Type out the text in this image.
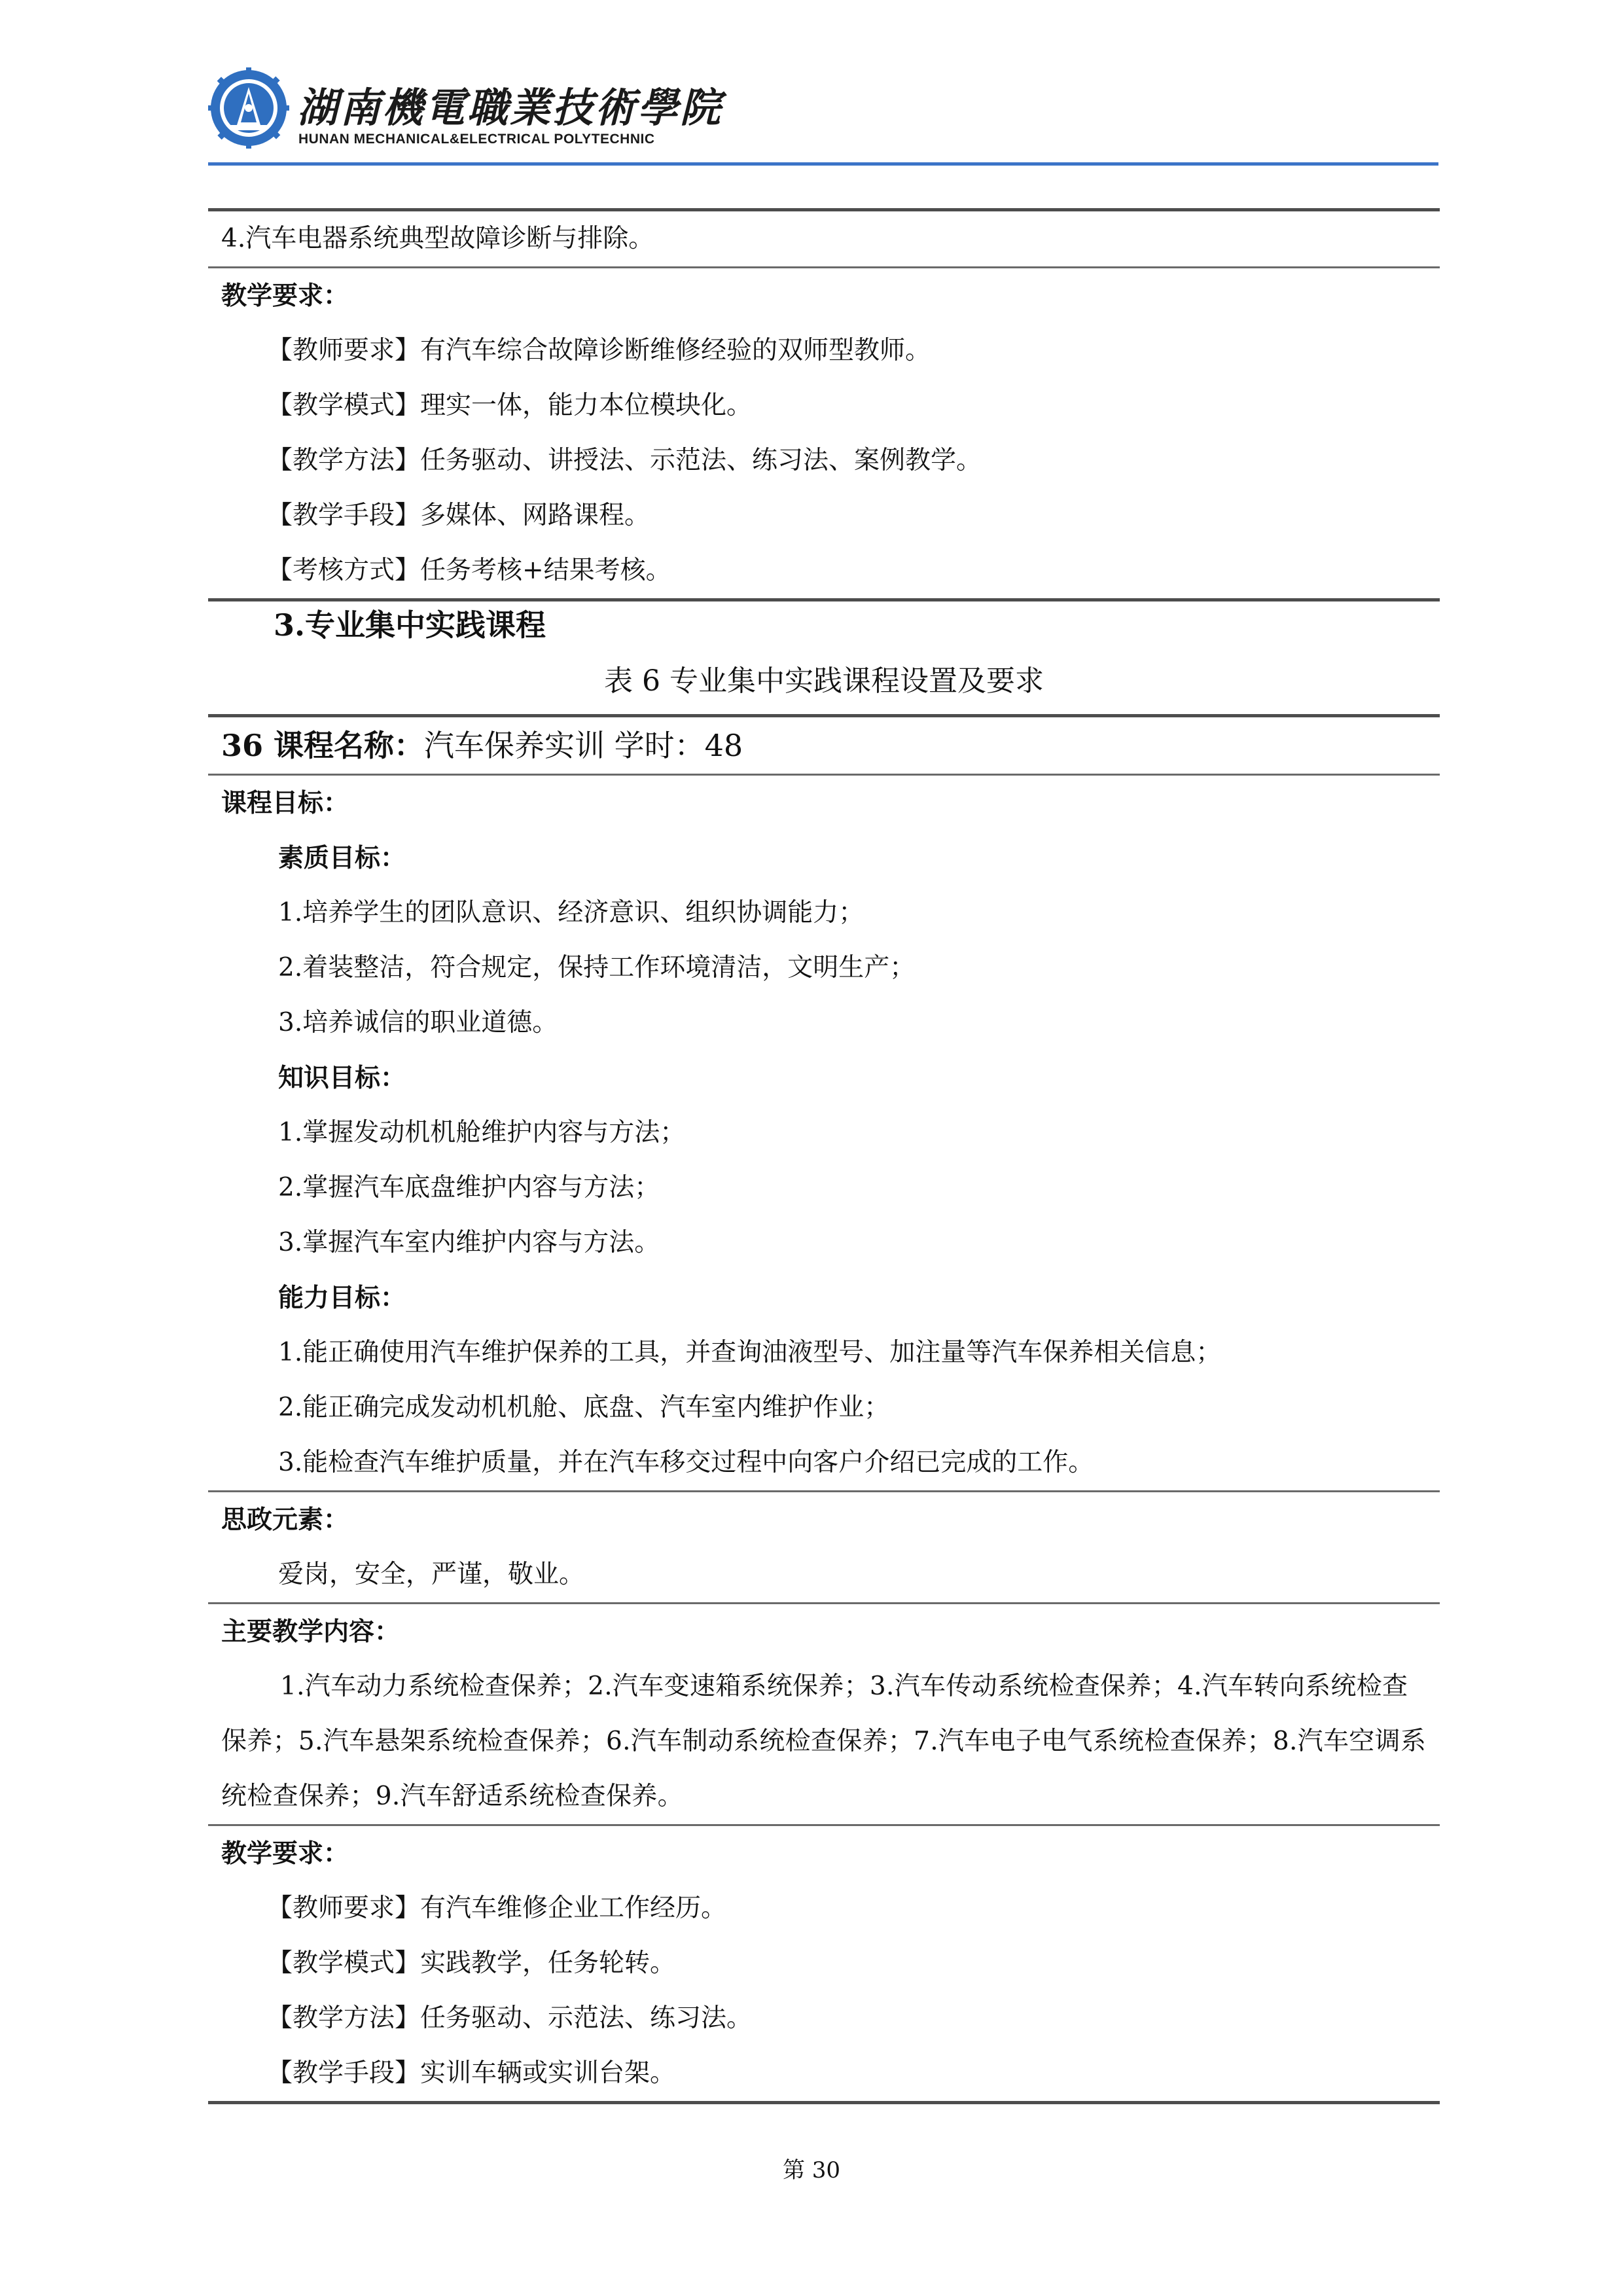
湖南機電職業技術學院
HUNAN MECHANICAL&ELECTRICAL POLYTECHNIC
4.汽车电器系统典型故障诊断与排除。
教学要求：
【教师要求】有汽车综合故障诊断维修经验的双师型教师。
【教学模式】理实一体，能力本位模块化。
【教学方法】任务驱动、讲授法、示范法、练习法、案例教学。
【教学手段】多媒体、网路课程。
【考核方式】任务考核+结果考核。
3.专业集中实践课程
表 6 专业集中实践课程设置及要求
36 课程名称：汽车保养实训 学时：48
课程目标：
素质目标：
1.培养学生的团队意识、经济意识、组织协调能力；
2.着装整洁，符合规定，保持工作环境清洁，文明生产；
3.培养诚信的职业道德。
知识目标：
1.掌握发动机机舱维护内容与方法；
2.掌握汽车底盘维护内容与方法；
3.掌握汽车室内维护内容与方法。
能力目标：
1.能正确使用汽车维护保养的工具，并查询油液型号、加注量等汽车保养相关信息；
2.能正确完成发动机机舱、底盘、汽车室内维护作业；
3.能检查汽车维护质量，并在汽车移交过程中向客户介绍已完成的工作。
思政元素：
爱岗，安全，严谨，敬业。
主要教学内容：
1.汽车动力系统检查保养；2.汽车变速箱系统保养；3.汽车传动系统检查保养；4.汽车转向系统检查保养；5.汽车悬架系统检查保养；6.汽车制动系统检查保养；7.汽车电子电气系统检查保养；8.汽车空调系统检查保养；9.汽车舒适系统检查保养。
教学要求：
【教师要求】有汽车维修企业工作经历。
【教学模式】实践教学，任务轮转。
【教学方法】任务驱动、示范法、练习法。
【教学手段】实训车辆或实训台架。
第 30
